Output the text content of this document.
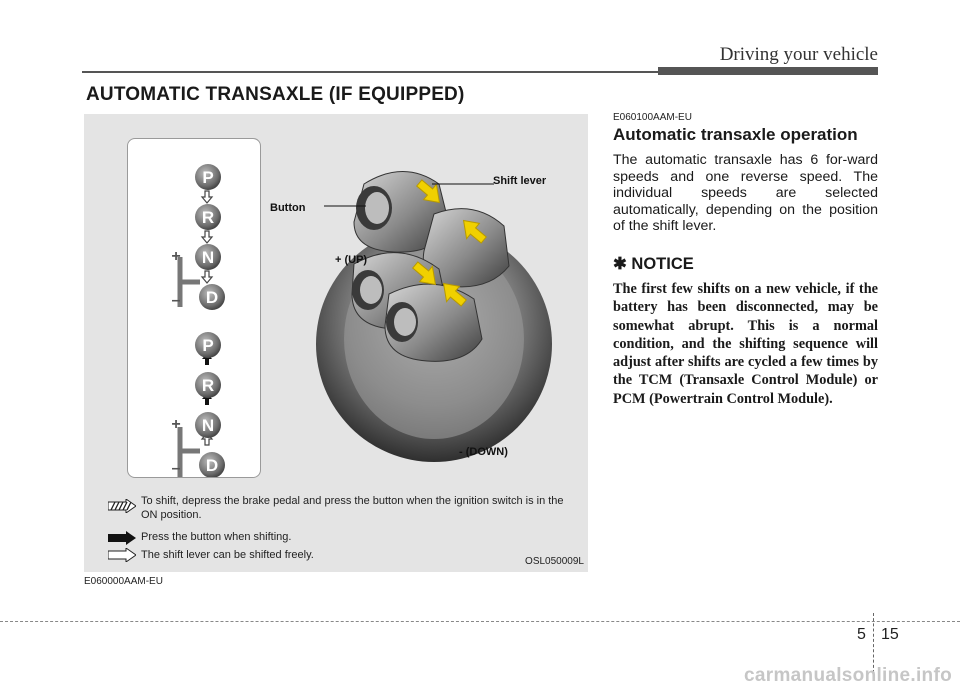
Driving your vehicle
AUTOMATIC TRANSAXLE (IF EQUIPPED)
P
R
N
D
P
R
N
D
+
–
+
–
Shift lever
Button
+ (UP)
- (DOWN)
To shift, depress the brake pedal and press the button when the ignition switch is in the ON position.
Press the button when shifting.
The shift lever can be shifted freely.
OSL050009L
E060000AAM-EU
E060100AAM-EU
Automatic transaxle operation
The automatic transaxle has 6 for-ward speeds and one reverse speed. The individual speeds are selected automatically, depending on the position of the shift lever.
✱ NOTICE
The first few shifts on a new vehicle, if the battery has been disconnected, may be somewhat abrupt. This is a normal condition, and the shifting sequence will adjust after shifts are cycled a few times by the TCM (Transaxle Control Module) or PCM (Powertrain Control Module).
5 15
carmanualsonline.info
